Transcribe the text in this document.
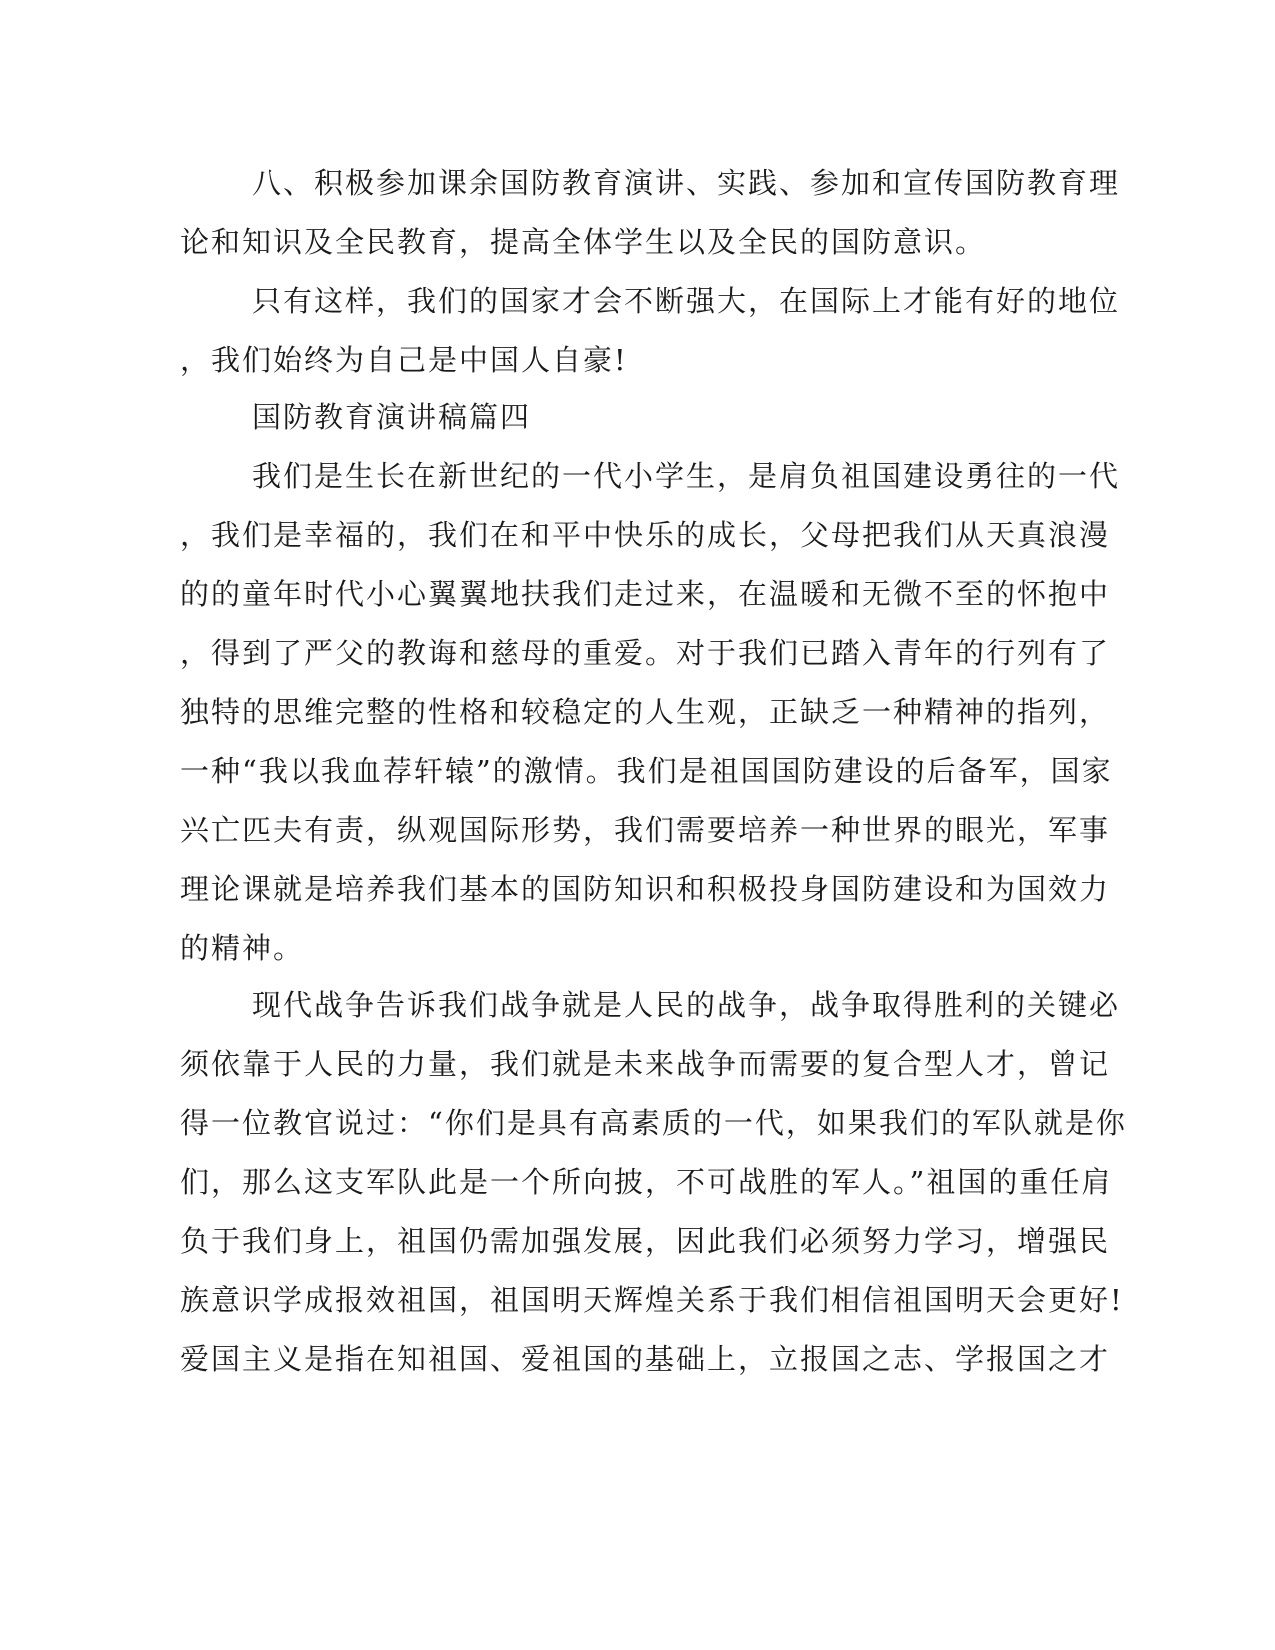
八、积极参加课余国防教育演讲、实践、参加和宣传国防教育理
论和知识及全民教育，提高全体学生以及全民的国防意识。
只有这样，我们的国家才会不断强大，在国际上才能有好的地位
，我们始终为自己是中国人自豪!
国防教育演讲稿篇四
我们是生长在新世纪的一代小学生，是肩负祖国建设勇往的一代
，我们是幸福的，我们在和平中快乐的成长，父母把我们从天真浪漫
的的童年时代小心翼翼地扶我们走过来，在温暖和无微不至的怀抱中
，得到了严父的教诲和慈母的重爱。对于我们已踏入青年的行列有了
独特的思维完整的性格和较稳定的人生观，正缺乏一种精神的指列，
一种“我以我血荐轩辕”的激情。我们是祖国国防建设的后备军，国家
兴亡匹夫有责，纵观国际形势，我们需要培养一种世界的眼光，军事
理论课就是培养我们基本的国防知识和积极投身国防建设和为国效力
的精神。
现代战争告诉我们战争就是人民的战争，战争取得胜利的关键必
须依靠于人民的力量，我们就是未来战争而需要的复合型人才，曾记
得一位教官说过：“你们是具有高素质的一代，如果我们的军队就是你
们，那么这支军队此是一个所向披，不可战胜的军人。”祖国的重任肩
负于我们身上，祖国仍需加强发展，因此我们必须努力学习，增强民
族意识学成报效祖国，祖国明天辉煌关系于我们相信祖国明天会更好!
爱国主义是指在知祖国、爱祖国的基础上，立报国之志、学报国之才
